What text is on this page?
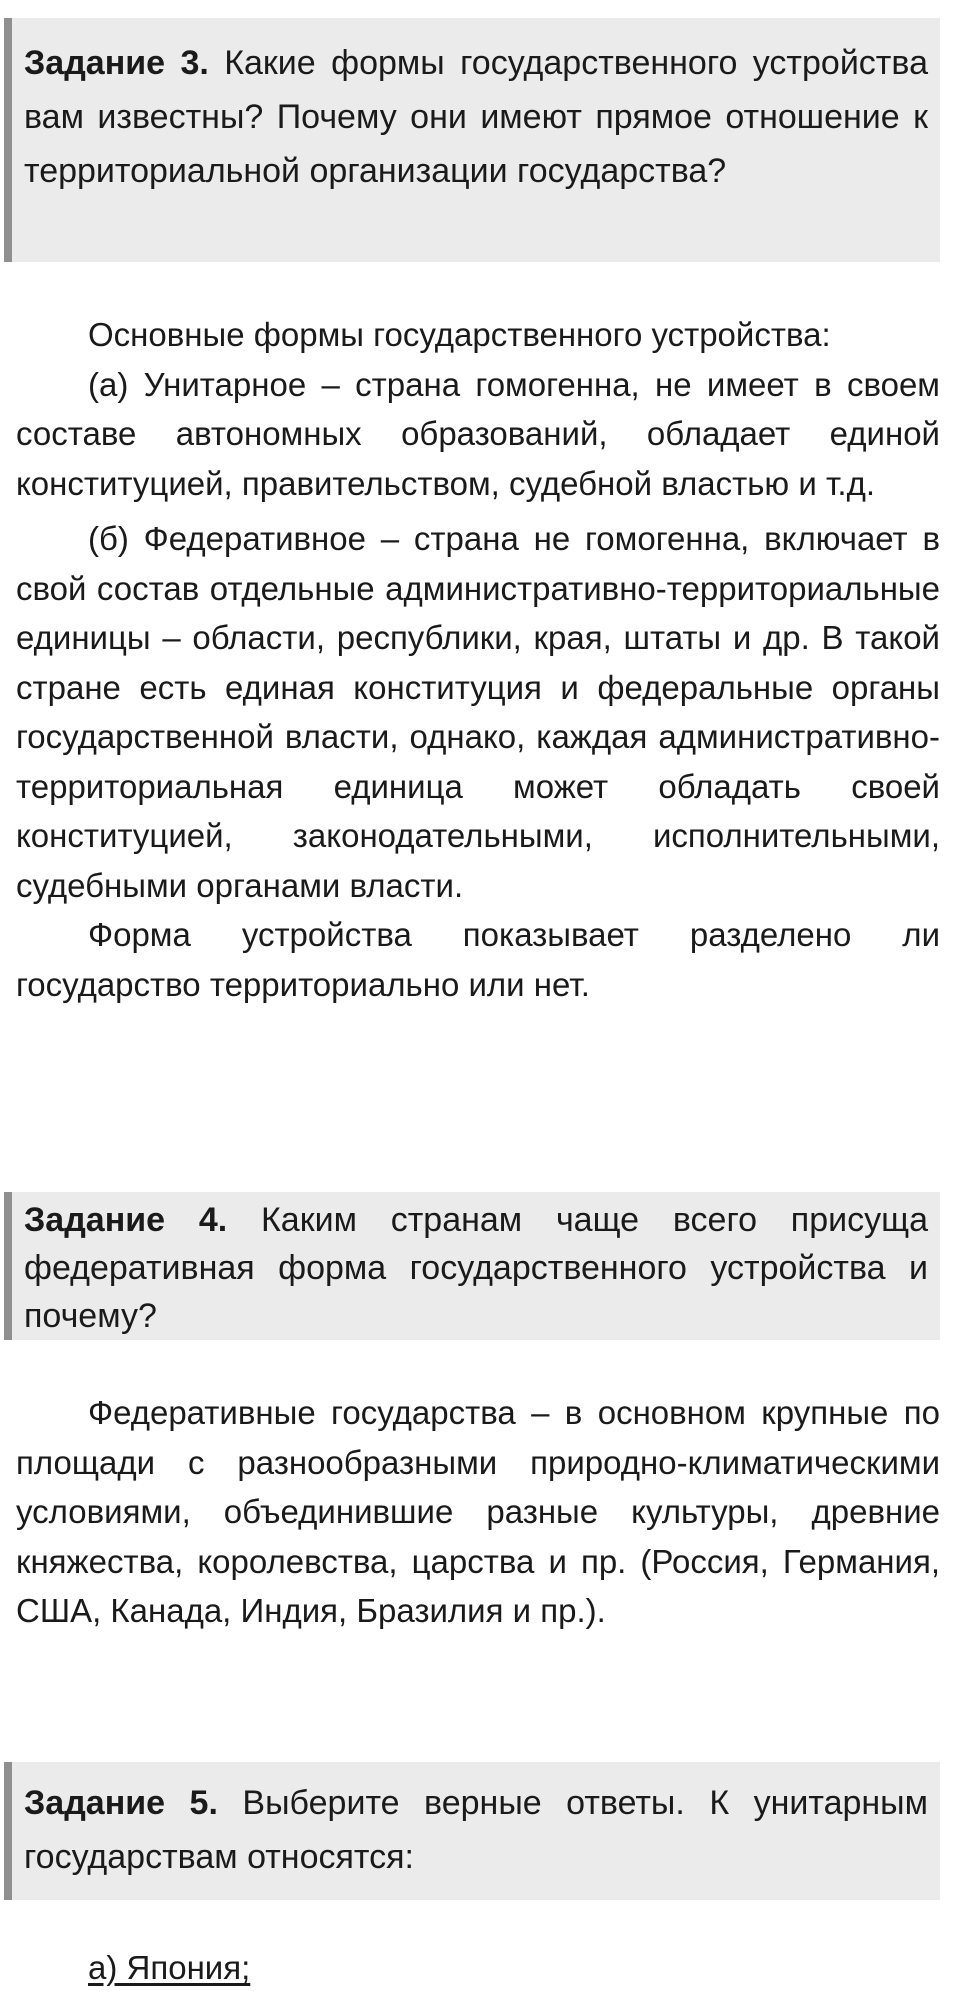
Задание 3. Какие формы государственного устройства вам известны? Почему они имеют прямое отношение к территориальной организации государства?

Основные формы государственного устройства:

(а) Унитарное – страна гомогенна, не имеет в своем составе автономных образований, обладает единой конституцией, правительством, судебной властью и т.д.

(б) Федеративное – страна не гомогенна, включает в свой состав отдельные административно-территориальные единицы – области, республики, края, штаты и др. В такой стране есть единая конституция и федеральные органы государственной власти, однако, каждая административно-территориальная единица может обладать своей конституцией, законодательными, исполнительными, судебными органами власти.

Форма устройства показывает разделено ли государство территориально или нет.

Задание 4. Каким странам чаще всего присуща федеративная форма государственного устройства и почему?

Федеративные государства – в основном крупные по площади с разнообразными природно-климатическими условиями, объединившие разные культуры, древние княжества, королевства, царства и пр. (Россия, Германия, США, Канада, Индия, Бразилия и пр.).

Задание 5. Выберите верные ответы. К унитарным государствам относятся:
а) Япония;
